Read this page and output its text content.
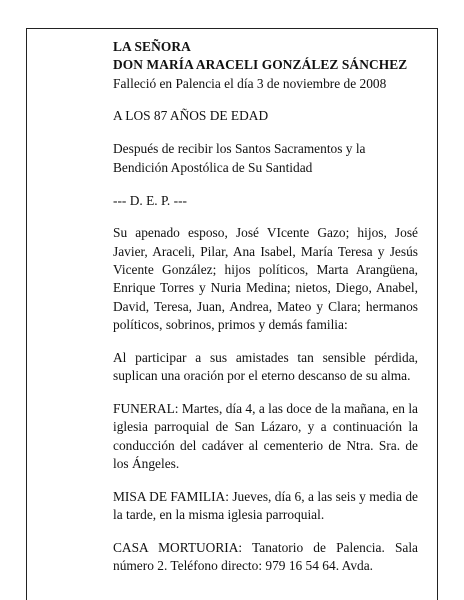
LA SEÑORA
DON MARÍA ARACELI GONZÁLEZ SÁNCHEZ

Falleció en Palencia el día 3 de noviembre de 2008

A LOS 87 AÑOS DE EDAD

Después de recibir los Santos Sacramentos y la Bendición Apostólica de Su Santidad

--- D. E. P. ---

Su apenado esposo, José VIcente Gazo; hijos, José Javier, Araceli, Pilar, Ana Isabel, María Teresa y Jesús Vicente González; hijos políticos, Marta Arangüena, Enrique Torres y Nuria Medina; nietos, Diego, Anabel, David, Teresa, Juan, Andrea, Mateo y Clara; hermanos políticos, sobrinos, primos y demás familia:

Al participar a sus amistades tan sensible pérdida, suplican una oración por el eterno descanso de su alma.

FUNERAL: Martes, día 4, a las doce de la mañana, en la iglesia parroquial de San Lázaro, y a continuación la conducción del cadáver al cementerio de Ntra. Sra. de los Ángeles.

MISA DE FAMILIA: Jueves, día 6, a las seis y media de la tarde, en la misma iglesia parroquial.

CASA MORTUORIA: Tanatorio de Palencia. Sala número 2. Teléfono directo: 979 16 54 64. Avda.
